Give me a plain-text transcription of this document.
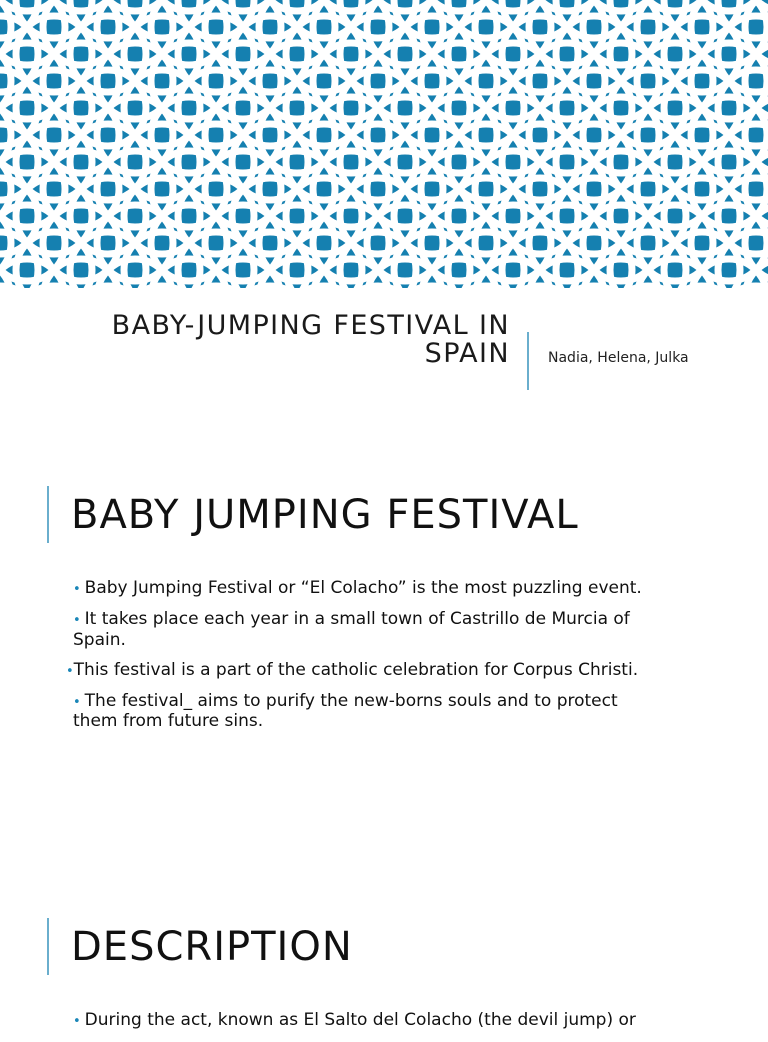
BABY-JUMPING FESTIVAL IN
SPAIN	Nadia, Helena, Julka
BABY JUMPING FESTIVAL
• Baby Jumping Festival or “El Colacho” is the most puzzling event.
• It takes place each year in a small town of Castrillo de Murcia of
Spain.
•This festival is a part of the catholic celebration for Corpus Christi.
• The festival_ aims to purify the new-borns souls and to protect
them from future sins.
DESCRIPTION
• During the act, known as El Salto del Colacho (the devil jump) or
